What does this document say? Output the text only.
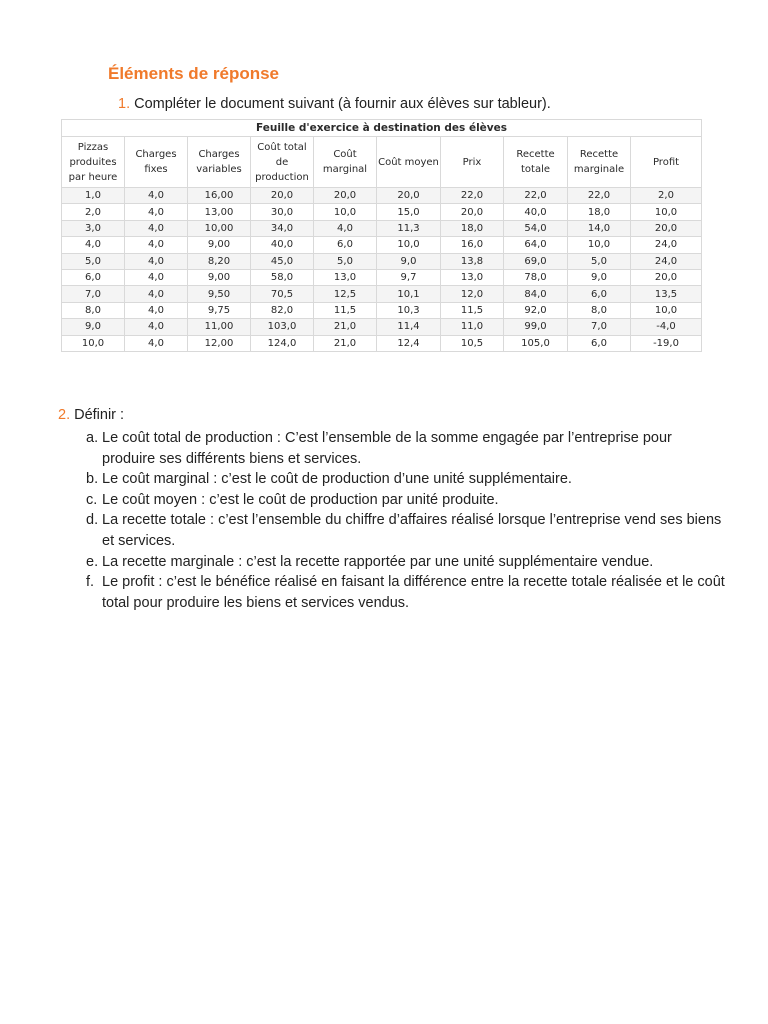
Éléments de réponse

1. Compléter le document suivant (à fournir aux élèves sur tableur).

Feuille d'exercice à destination des élèves									
Pizzas produites par heure	Charges fixes	Charges variables	Coût total de production	Coût marginal	Coût moyen	Prix	Recette totale	Recette marginale	Profit
1,0	4,0	16,00	20,0	20,0	20,0	22,0	22,0	22,0	2,0
2,0	4,0	13,00	30,0	10,0	15,0	20,0	40,0	18,0	10,0
3,0	4,0	10,00	34,0	4,0	11,3	18,0	54,0	14,0	20,0
4,0	4,0	9,00	40,0	6,0	10,0	16,0	64,0	10,0	24,0
5,0	4,0	8,20	45,0	5,0	9,0	13,8	69,0	5,0	24,0
6,0	4,0	9,00	58,0	13,0	9,7	13,0	78,0	9,0	20,0
7,0	4,0	9,50	70,5	12,5	10,1	12,0	84,0	6,0	13,5
8,0	4,0	9,75	82,0	11,5	10,3	11,5	92,0	8,0	10,0
9,0	4,0	11,00	103,0	21,0	11,4	11,0	99,0	7,0	-4,0
10,0	4,0	12,00	124,0	21,0	12,4	10,5	105,0	6,0	-19,0

2. Définir :

a. Le coût total de production : C’est l’ensemble de la somme engagée par l’entreprise pour produire ses différents biens et services.
b. Le coût marginal : c’est le coût de production d’une unité supplémentaire.
c. Le coût moyen : c’est le coût de production par unité produite.
d. La recette totale : c’est l’ensemble du chiffre d’affaires réalisé lorsque l’entreprise vend ses biens et services.
e. La recette marginale : c’est la recette rapportée par une unité supplémentaire vendue.
f. Le profit : c’est le bénéfice réalisé en faisant la différence entre la recette totale réalisée et le coût total pour produire les biens et services vendus.
